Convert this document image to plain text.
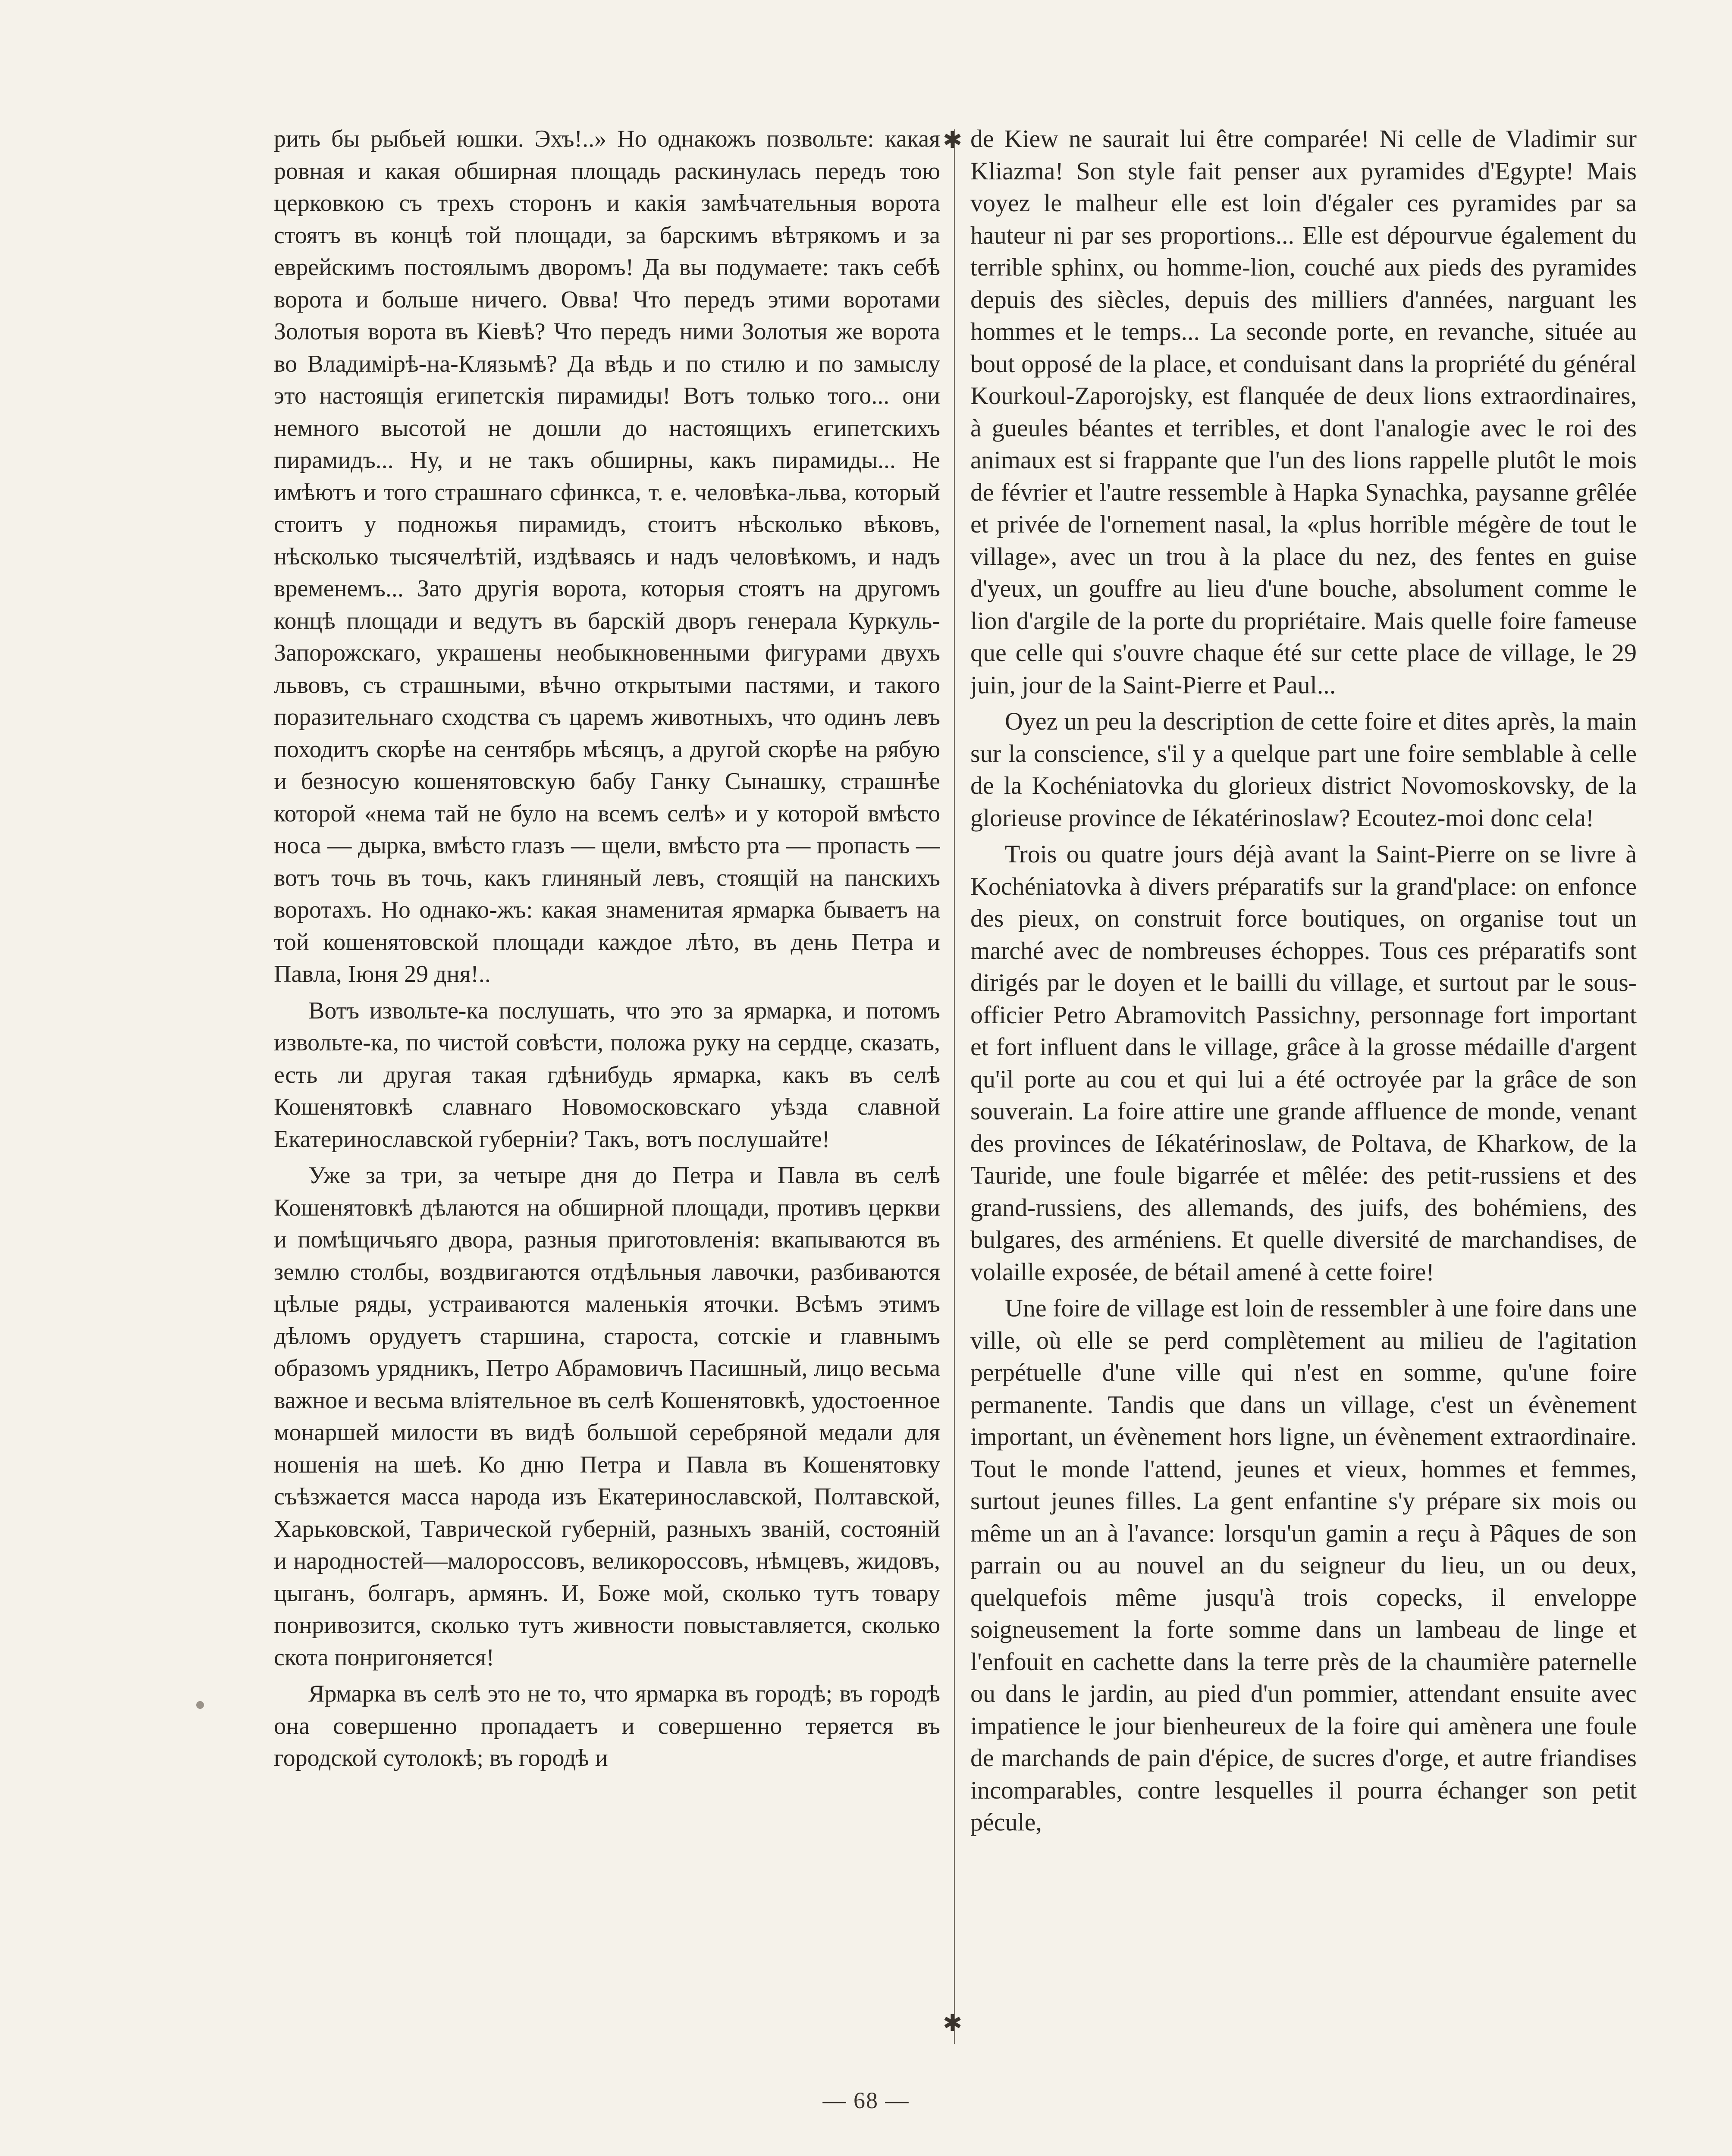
рить бы рыбьей юшки. Эхъ!..» Но однакожъ позвольте: какая ровная и какая обширная площадь раскинулась передъ тою церковкою съ трехъ сторонъ и какія замѣчательныя ворота стоятъ въ концѣ той площади, за барскимъ вѣтрякомъ и за еврейскимъ постоялымъ дворомъ! Да вы подумаете: такъ себѣ ворота и больше ничего. Овва! Что передъ этими воротами Золотыя ворота въ Кіевѣ? Что передъ ними Золотыя же ворота во Владимірѣ-на-Клязьмѣ? Да вѣдь и по стилю и по замыслу это настоящія египетскія пирамиды! Вотъ только того... они немного высотой не дошли до настоящихъ египетскихъ пирамидъ... Ну, и не такъ обширны, какъ пирамиды... Не имѣютъ и того страшнаго сфинкса, т. е. человѣка-льва, который стоитъ у подножья пирамидъ, стоитъ нѣсколько вѣковъ, нѣсколько тысячелѣтій, издѣваясь и надъ человѣкомъ, и надъ временемъ... Зато другія ворота, которыя стоятъ на другомъ концѣ площади и ведутъ въ барскій дворъ генерала Куркуль-Запорожскаго, украшены необыкновенными фигурами двухъ львовъ, съ страшными, вѣчно открытыми пастями, и такого поразительнаго сходства съ царемъ животныхъ, что одинъ левъ походитъ скорѣе на сентябрь мѣсяцъ, а другой скорѣе на рябую и безносую кошенятовскую бабу Ганку Сынашку, страшнѣе которой «нема тай не було на всемъ селѣ» и у которой вмѣсто носа — дырка, вмѣсто глазъ — щели, вмѣсто рта — пропасть — вотъ точь въ точь, какъ глиняный левъ, стоящій на панскихъ воротахъ. Но однако-жъ: какая знаменитая ярмарка бываетъ на той кошенятовской площади каждое лѣто, въ день Петра и Павла, Іюня 29 дня!..

Вотъ извольте-ка послушать, что это за ярмарка, и потомъ извольте-ка, по чистой совѣсти, положа руку на сердце, сказать, есть ли другая такая гдѣнибудь ярмарка, какъ въ селѣ Кошенятовкѣ славнаго Новомосковскаго уѣзда славной Екатеринославской губерніи? Такъ, вотъ послушайте!

Уже за три, за четыре дня до Петра и Павла въ селѣ Кошенятовкѣ дѣлаются на обширной площади, противъ церкви и помѣщичьяго двора, разныя приготовленія: вкапываются въ землю столбы, воздвигаются отдѣльныя лавочки, разбиваются цѣлые ряды, устраиваются маленькія яточки. Всѣмъ этимъ дѣломъ орудуетъ старшина, староста, сотскіе и главнымъ образомъ урядникъ, Петро Абрамовичъ Пасишный, лицо весьма важное и весьма вліятельное въ селѣ Кошенятовкѣ, удостоенное монаршей милости въ видѣ большой серебряной медали для ношенія на шеѣ. Ко дню Петра и Павла въ Кошенятовку съѣзжается масса народа изъ Екатеринославской, Полтавской, Харьковской, Таврической губерній, разныхъ званій, состояній и народностей—малороссовъ, великороссовъ, нѣмцевъ, жидовъ, цыганъ, болгаръ, армянъ. И, Боже мой, сколько тутъ товару понривозится, сколько тутъ живности повыставляется, сколько скота понригоняется!

Ярмарка въ селѣ это не то, что ярмарка въ городѣ; въ городѣ она совершенно пропадаетъ и совершенно теряется въ городской сутолокѣ; въ городѣ и

✱
✱

de Kiew ne saurait lui être comparée! Ni celle de Vladimir sur Kliazma! Son style fait penser aux pyramides d'Egypte! Mais voyez le malheur elle est loin d'égaler ces pyramides par sa hauteur ni par ses proportions... Elle est dépourvue également du terrible sphinx, ou homme-lion, couché aux pieds des pyramides depuis des siècles, depuis des milliers d'années, narguant les hommes et le temps... La seconde porte, en revanche, située au bout opposé de la place, et conduisant dans la propriété du général Kourkoul-Zaporojsky, est flanquée de deux lions extraordinaires, à gueules béantes et terribles, et dont l'analogie avec le roi des animaux est si frappante que l'un des lions rappelle plutôt le mois de février et l'autre ressemble à Hapka Synachka, paysanne grêlée et privée de l'ornement nasal, la «plus horrible mégère de tout le village», avec un trou à la place du nez, des fentes en guise d'yeux, un gouffre au lieu d'une bouche, absolument comme le lion d'argile de la porte du propriétaire. Mais quelle foire fameuse que celle qui s'ouvre chaque été sur cette place de village, le 29 juin, jour de la Saint-Pierre et Paul...

Oyez un peu la description de cette foire et dites après, la main sur la conscience, s'il y a quelque part une foire semblable à celle de la Kochéniatovka du glorieux district Novomoskovsky, de la glorieuse province de Iékatérinoslaw? Ecoutez-moi donc cela!

Trois ou quatre jours déjà avant la Saint-Pierre on se livre à Kochéniatovka à divers préparatifs sur la grand'place: on enfonce des pieux, on construit force boutiques, on organise tout un marché avec de nombreuses échoppes. Tous ces préparatifs sont dirigés par le doyen et le bailli du village, et surtout par le sous-officier Petro Abramovitch Passichny, personnage fort important et fort influent dans le village, grâce à la grosse médaille d'argent qu'il porte au cou et qui lui a été octroyée par la grâce de son souverain. La foire attire une grande affluence de monde, venant des provinces de Iékatérinoslaw, de Poltava, de Kharkow, de la Tauride, une foule bigarrée et mêlée: des petit-russiens et des grand-russiens, des allemands, des juifs, des bohémiens, des bulgares, des arméniens. Et quelle diversité de marchandises, de volaille exposée, de bétail amené à cette foire!

Une foire de village est loin de ressembler à une foire dans une ville, où elle se perd complètement au milieu de l'agitation perpétuelle d'une ville qui n'est en somme, qu'une foire permanente. Tandis que dans un village, c'est un évènement important, un évènement hors ligne, un évènement extraordinaire. Tout le monde l'attend, jeunes et vieux, hommes et femmes, surtout jeunes filles. La gent enfantine s'y prépare six mois ou même un an à l'avance: lorsqu'un gamin a reçu à Pâques de son parrain ou au nouvel an du seigneur du lieu, un ou deux, quelquefois même jusqu'à trois copecks, il enveloppe soigneusement la forte somme dans un lambeau de linge et l'enfouit en cachette dans la terre près de la chaumière paternelle ou dans le jardin, au pied d'un pommier, attendant ensuite avec impatience le jour bienheureux de la foire qui amènera une foule de marchands de pain d'épice, de sucres d'orge, et autre friandises incomparables, contre lesquelles il pourra échanger son petit pécule,

— 68 —
